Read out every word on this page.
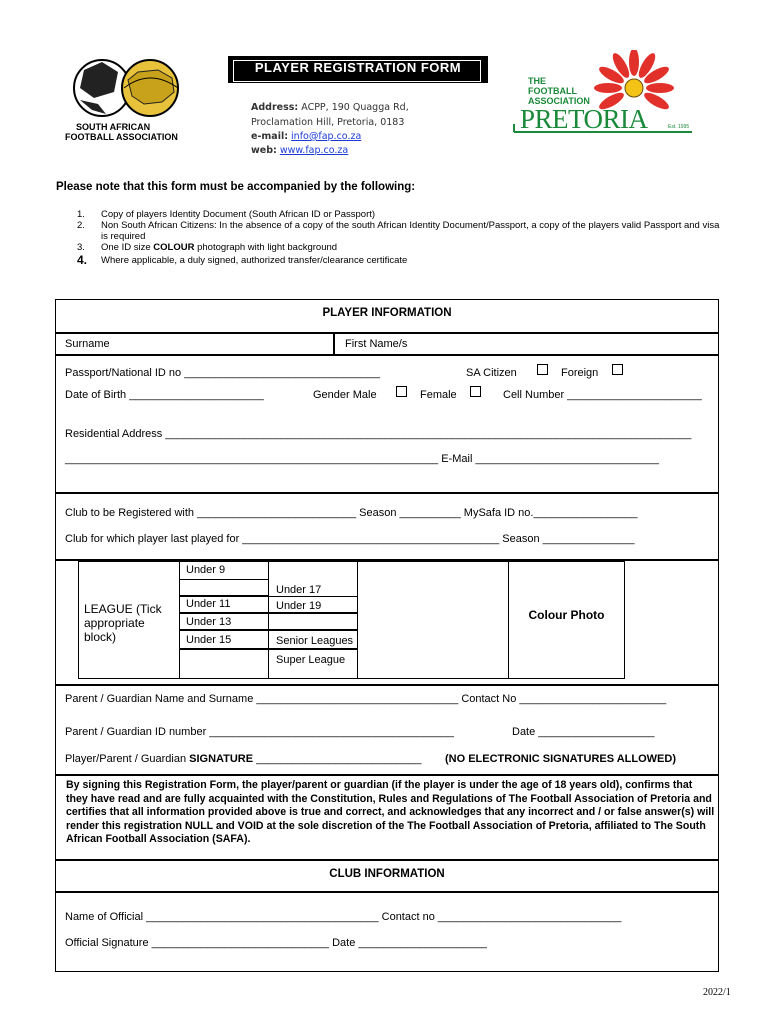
SOUTH AFRICAN
FOOTBALL ASSOCIATION
PLAYER REGISTRATION FORM
Address: ACPP, 190 Quagga Rd,
Proclamation Hill, Pretoria, 0183
e-mail: info@fap.co.za
web: www.fap.co.za
THE
FOOTBALL
ASSOCIATION
PRETORIA	Est. 1995
Please note that this form must be accompanied by the following:
1.	Copy of players Identity Document (South African ID or Passport)
2.	Non South African Citizens: In the absence of a copy of the south African Identity Document/Passport, a copy of the players valid Passport and visa is required
3.	One ID size COLOUR photograph with light background
4.	Where applicable, a duly signed, authorized transfer/clearance certificate
PLAYER INFORMATION
Surname	First Name/s
Passport/National ID no ________________________________	SA Citizen	Foreign
Date of Birth ______________________	Gender Male	Female	Cell Number ______________________
Residential Address ______________________________________________________________________________________
_____________________________________________________________ E-Mail ______________________________
Club to be Registered with __________________________ Season __________ MySafa ID no._________________
Club for which player last played for __________________________________________ Season _______________
LEAGUE (Tick appropriate block)
Under 9
Under 11
Under 13
Under 15
Under 17
Under 19
Senior Leagues
Super League
Colour Photo
Parent / Guardian Name and Surname _________________________________ Contact No ________________________
Parent / Guardian ID number ________________________________________	Date ___________________
Player/Parent / Guardian SIGNATURE ___________________________ (NO ELECTRONIC SIGNATURES ALLOWED)
By signing this Registration Form, the player/parent or guardian (if the player is under the age of 18 years old), confirms that they have read and are fully acquainted with the Constitution, Rules and Regulations of The Football Association of Pretoria and certifies that all information provided above is true and correct, and acknowledges that any incorrect and / or false answer(s) will render this registration NULL and VOID at the sole discretion of the The Football Association of Pretoria, affiliated to The South African Football Association (SAFA).
CLUB INFORMATION
Name of Official ______________________________________ Contact no ______________________________
Official Signature _____________________________ Date _____________________
2022/1
